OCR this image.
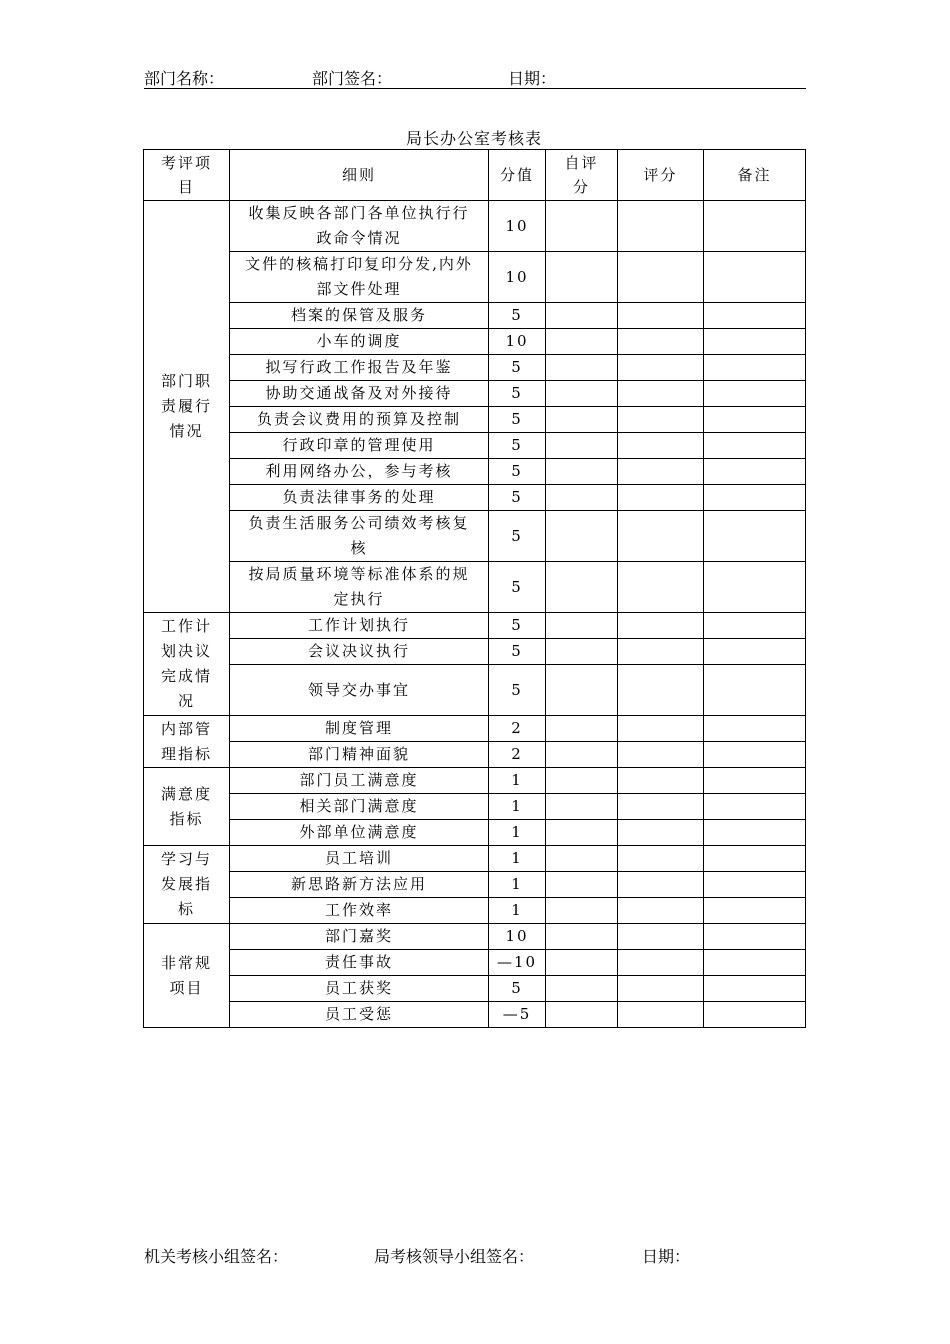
部门名称：	部门签名：	日期：
局长办公室考核表
考评项目	细则	分值	自评分	评分	备注
部门职责履行情况	收集反映各部门各单位执行行政命令情况	10			
	文件的核稿打印复印分发,内外部文件处理	10			
	档案的保管及服务	5			
	小车的调度	10			
	拟写行政工作报告及年鉴	5			
	协助交通战备及对外接待	5			
	负责会议费用的预算及控制	5			
	行政印章的管理使用	5			
	利用网络办公，参与考核	5			
	负责法律事务的处理	5			
	负责生活服务公司绩效考核复核	5			
	按局质量环境等标准体系的规定执行	5			
工作计划决议完成情况	工作计划执行	5			
	会议决议执行	5			
	领导交办事宜	5			
内部管理指标	制度管理	2			
	部门精神面貌	2			
满意度指标	部门员工满意度	1			
	相关部门满意度	1			
	外部单位满意度	1			
学习与发展指标	员工培训	1			
	新思路新方法应用	1			
	工作效率	1			
非常规项目	部门嘉奖	10			
	责任事故	—10			
	员工获奖	5			
	员工受惩	—5			
机关考核小组签名：	局考核领导小组签名：	日期：
